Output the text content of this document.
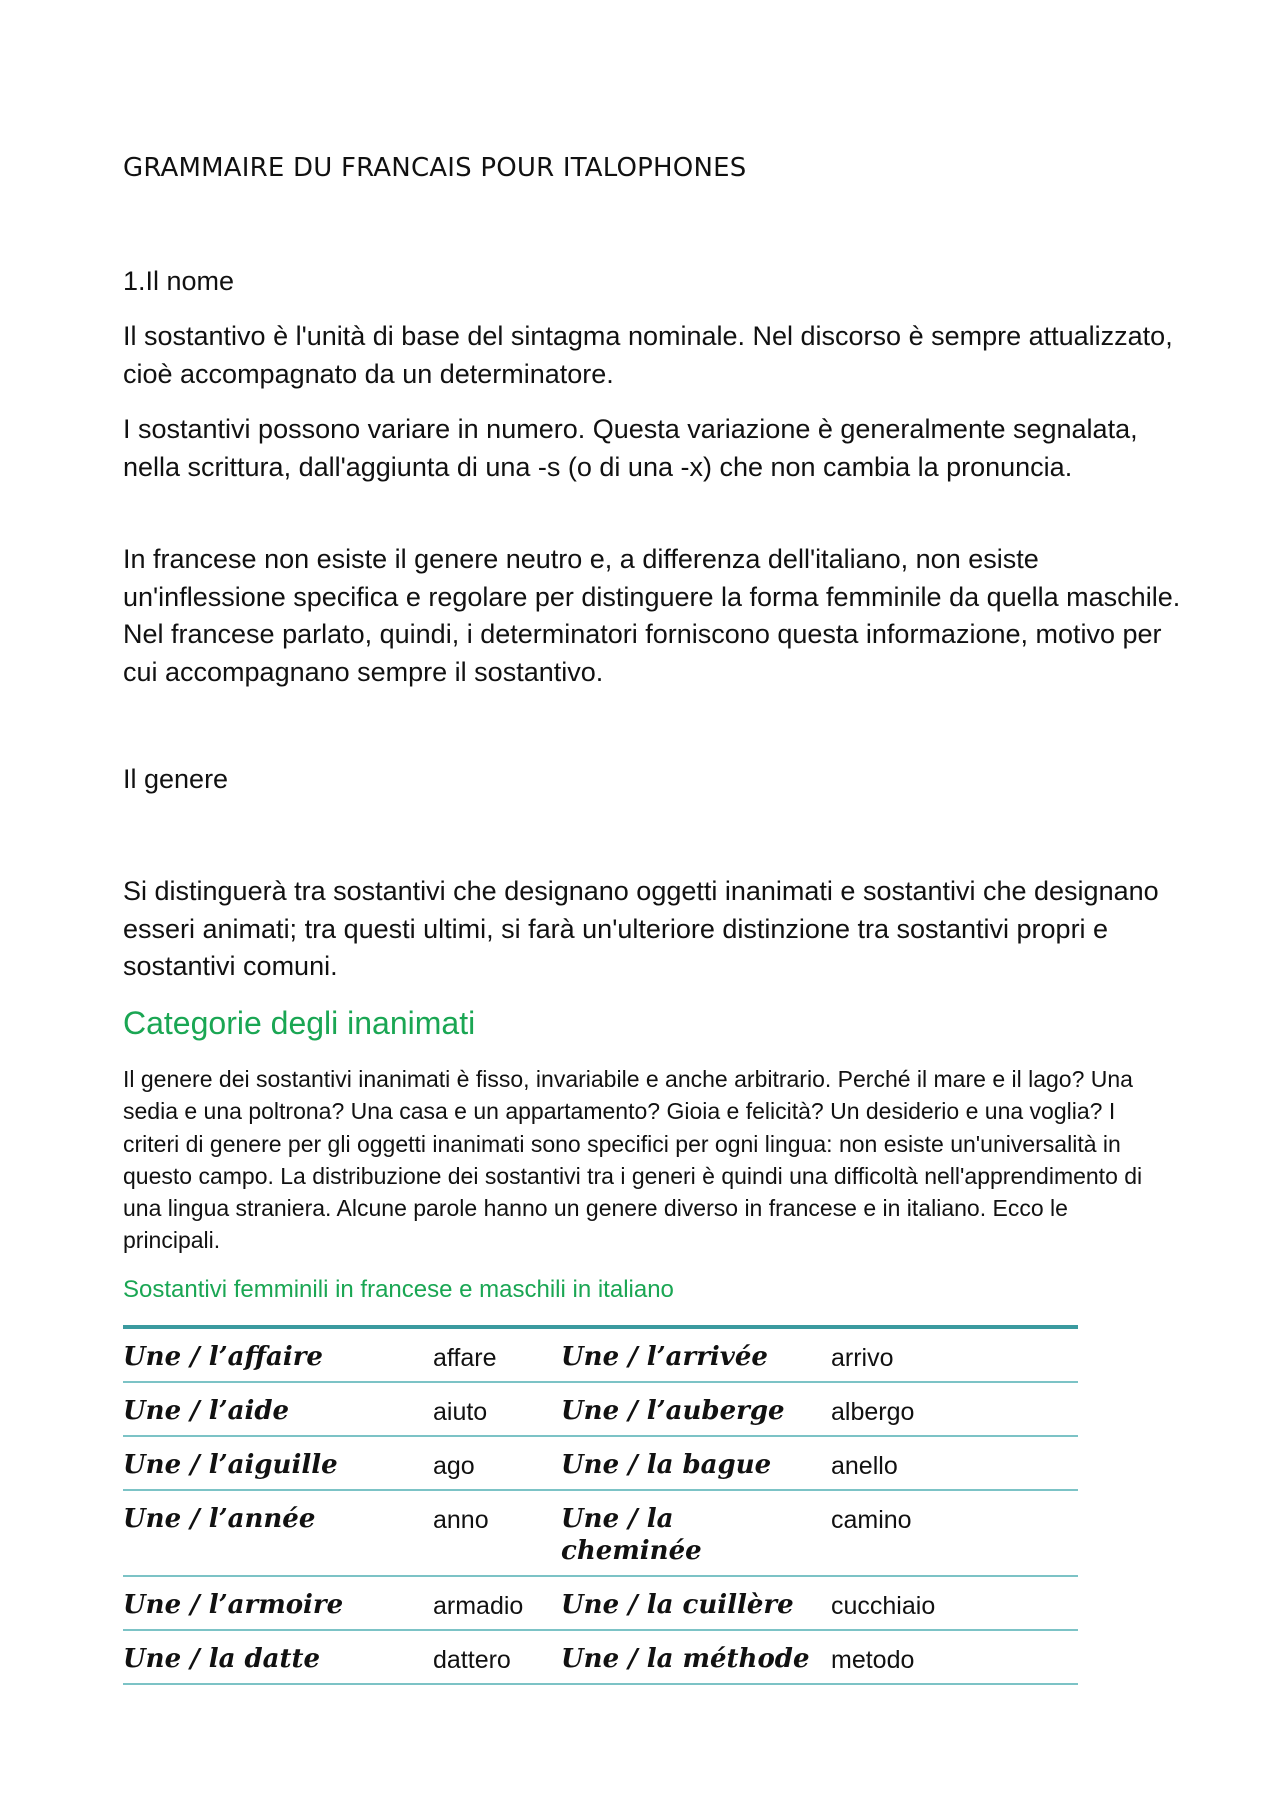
GRAMMAIRE DU FRANCAIS POUR ITALOPHONES
1.Il nome

Il sostantivo è l'unità di base del sintagma nominale. Nel discorso è sempre attualizzato, cioè accompagnato da un determinatore.

I sostantivi possono variare in numero. Questa variazione è generalmente segnalata, nella scrittura, dall'aggiunta di una -s (o di una -x) che non cambia la pronuncia.

In francese non esiste il genere neutro e, a differenza dell'italiano, non esiste un'inflessione specifica e regolare per distinguere la forma femminile da quella maschile. Nel francese parlato, quindi, i determinatori forniscono questa informazione, motivo per cui accompagnano sempre il sostantivo.

Il genere

Si distinguerà tra sostantivi che designano oggetti inanimati e sostantivi che designano esseri animati; tra questi ultimi, si farà un'ulteriore distinzione tra sostantivi propri e sostantivi comuni.

Categorie degli inanimati

Il genere dei sostantivi inanimati è fisso, invariabile e anche arbitrario. Perché il mare e il lago? Una sedia e una poltrona? Una casa e un appartamento? Gioia e felicità? Un desiderio e una voglia? I criteri di genere per gli oggetti inanimati sono specifici per ogni lingua: non esiste un'universalità in questo campo. La distribuzione dei sostantivi tra i generi è quindi una difficoltà nell'apprendimento di una lingua straniera. Alcune parole hanno un genere diverso in francese e in italiano. Ecco le principali.

Sostantivi femminili in francese e maschili in italiano
Une / l’affaire	affare	Une / l’arrivée	arrivo
Une / l’aide	aiuto	Une / l’auberge	albergo
Une / l’aiguille	ago	Une / la bague	anello
Une / l’année	anno	Une / la cheminée	camino
Une / l’armoire	armadio	Une / la cuillère	cucchiaio
Une / la datte	dattero	Une / la méthode	metodo
